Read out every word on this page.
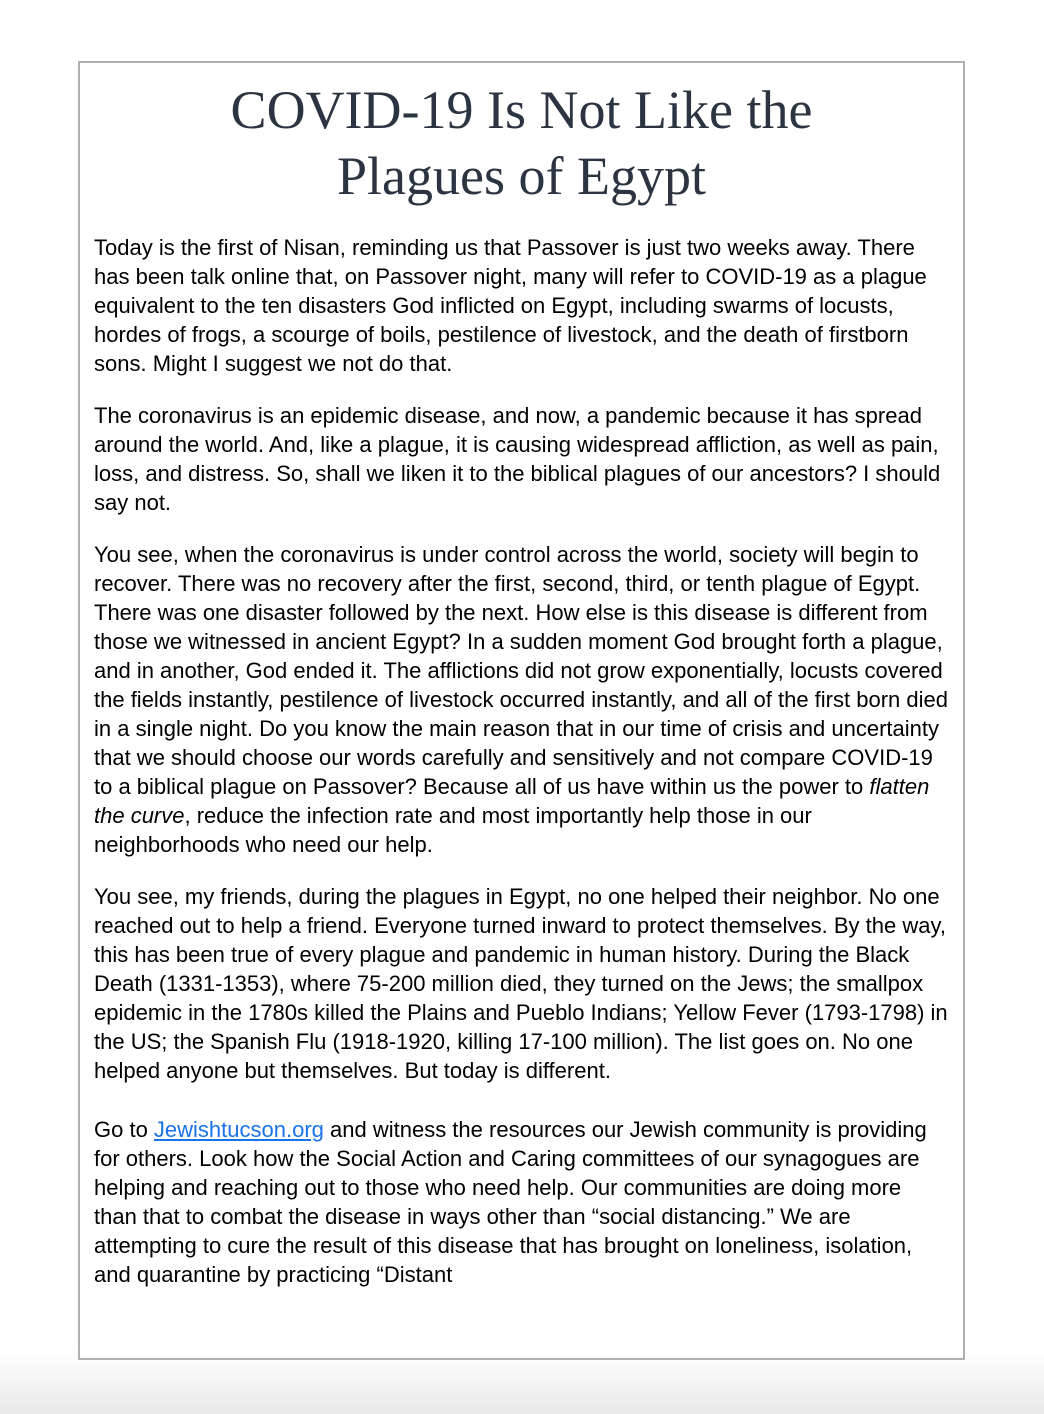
COVID-19 Is Not Like the
Plagues of Egypt

Today is the first of Nisan, reminding us that Passover is just two weeks away. There has been talk online that, on Passover night, many will refer to COVID-19 as a plague equivalent to the ten disasters God inflicted on Egypt, including swarms of locusts, hordes of frogs, a scourge of boils, pestilence of livestock, and the death of firstborn sons. Might I suggest we not do that.

The coronavirus is an epidemic disease, and now, a pandemic because it has spread around the world. And, like a plague, it is causing widespread affliction, as well as pain, loss, and distress. So, shall we liken it to the biblical plagues of our ancestors? I should say not.

You see, when the coronavirus is under control across the world, society will begin to recover. There was no recovery after the first, second, third, or tenth plague of Egypt. There was one disaster followed by the next. How else is this disease is different from those we witnessed in ancient Egypt? In a sudden moment God brought forth a plague, and in another, God ended it. The afflictions did not grow exponentially, locusts covered the fields instantly, pestilence of livestock occurred instantly, and all of the first born died in a single night. Do you know the main reason that in our time of crisis and uncertainty that we should choose our words carefully and sensitively and not compare COVID-19 to a biblical plague on Passover? Because all of us have within us the power to flatten the curve, reduce the infection rate and most importantly help those in our neighborhoods who need our help.

You see, my friends, during the plagues in Egypt, no one helped their neighbor. No one reached out to help a friend. Everyone turned inward to protect themselves. By the way, this has been true of every plague and pandemic in human history. During the Black Death (1331-1353), where 75-200 million died, they turned on the Jews; the smallpox epidemic in the 1780s killed the Plains and Pueblo Indians; Yellow Fever (1793-1798) in the US; the Spanish Flu (1918-1920, killing 17-100 million). The list goes on. No one helped anyone but themselves. But today is different.

Go to Jewishtucson.org and witness the resources our Jewish community is providing for others. Look how the Social Action and Caring committees of our synagogues are helping and reaching out to those who need help. Our communities are doing more than that to combat the disease in ways other than “social distancing.” We are attempting to cure the result of this disease that has brought on loneliness, isolation, and quarantine by practicing “Distant
